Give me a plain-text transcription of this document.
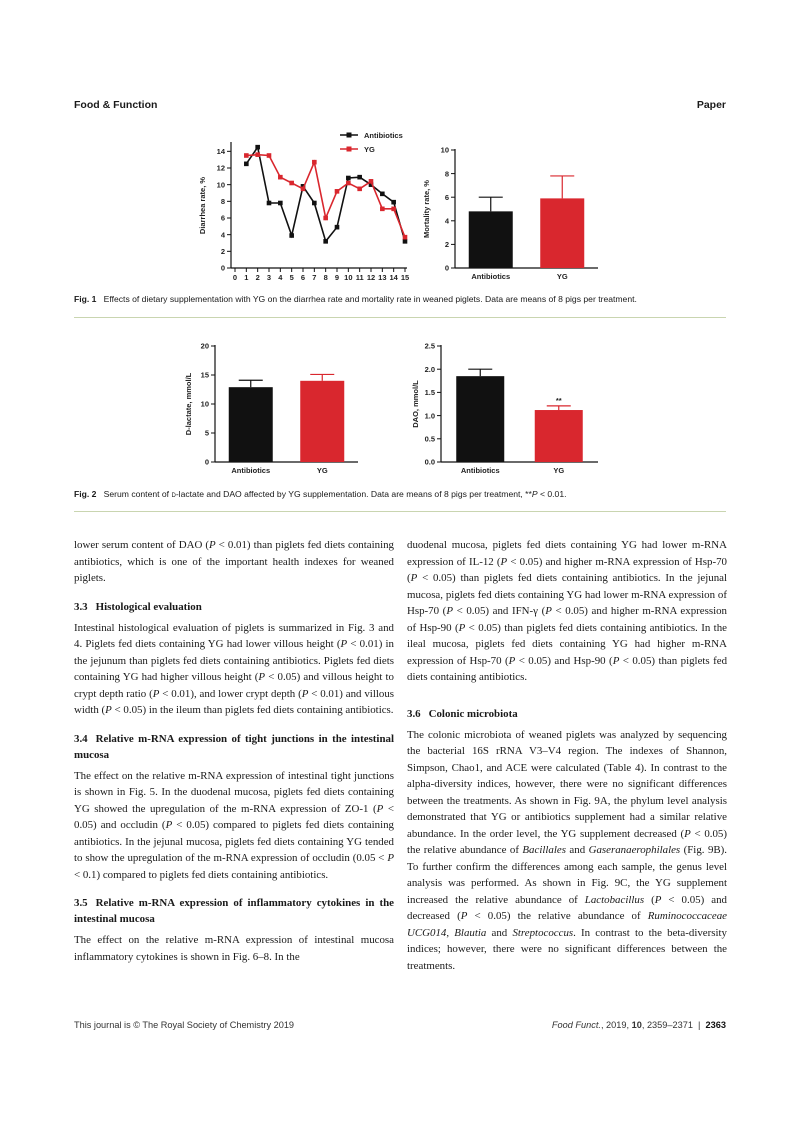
Food & Function	Paper
0
2
4
6
8
10
12
14
Diarrhea rate, %
0 1 2 3 4 5 6 7 8 9 10 11 12 13 14 15
Antibiotics
YG
0
2
4
6
8
10
Mortality rate, %
Antibiotics	YG
Fig. 1 Effects of dietary supplementation with YG on the diarrhea rate and mortality rate in weaned piglets. Data are means of 8 pigs per treatment.
0
5
10
15
20
D-lactate, mmol/L
Antibiotics	YG
0.0
0.5
1.0
1.5
2.0
2.5
DAO, mmol/L
Antibiotics	YG
**
Fig. 2 Serum content of d-lactate and DAO affected by YG supplementation. Data are means of 8 pigs per treatment, **P < 0.01.

lower serum content of DAO (P < 0.01) than piglets fed diets containing antibiotics, which is one of the important health indexes for weaned piglets.

3.3 Histological evaluation

Intestinal histological evaluation of piglets is summarized in Fig. 3 and 4. Piglets fed diets containing YG had lower villous height (P < 0.01) in the jejunum than piglets fed diets containing antibiotics. Piglets fed diets containing YG had higher villous height (P < 0.05) and villous height to crypt depth ratio (P < 0.01), and lower crypt depth (P < 0.01) and villous width (P < 0.05) in the ileum than piglets fed diets containing antibiotics.

3.4 Relative m-RNA expression of tight junctions in the intestinal mucosa

The effect on the relative m-RNA expression of intestinal tight junctions is shown in Fig. 5. In the duodenal mucosa, piglets fed diets containing YG showed the upregulation of the m-RNA expression of ZO-1 (P < 0.05) and occludin (P < 0.05) compared to piglets fed diets containing antibiotics. In the jejunal mucosa, piglets fed diets containing YG tended to show the upregulation of the m-RNA expression of occludin (0.05 < P < 0.1) compared to piglets fed diets containing antibiotics.

3.5 Relative m-RNA expression of inflammatory cytokines in the intestinal mucosa

The effect on the relative m-RNA expression of intestinal mucosa inflammatory cytokines is shown in Fig. 6–8. In the

duodenal mucosa, piglets fed diets containing YG had lower m-RNA expression of IL-12 (P < 0.05) and higher m-RNA expression of Hsp-70 (P < 0.05) than piglets fed diets containing antibiotics. In the jejunal mucosa, piglets fed diets containing YG had lower m-RNA expression of Hsp-70 (P < 0.05) and IFN-γ (P < 0.05) and higher m-RNA expression of Hsp-90 (P < 0.05) than piglets fed diets containing antibiotics. In the ileal mucosa, piglets fed diets containing YG had higher m-RNA expression of Hsp-70 (P < 0.05) and Hsp-90 (P < 0.05) than piglets fed diets containing antibiotics.

3.6 Colonic microbiota

The colonic microbiota of weaned piglets was analyzed by sequencing the bacterial 16S rRNA V3–V4 region. The indexes of Shannon, Simpson, Chao1, and ACE were calculated (Table 4). In contrast to the alpha-diversity indices, however, there were no significant differences between the treatments. As shown in Fig. 9A, the phylum level analysis demonstrated that YG or antibiotics supplement had a similar relative abundance. In the order level, the YG supplement decreased (P < 0.05) the relative abundance of Bacillales and Gaseranaerophilales (Fig. 9B). To further confirm the differences among each sample, the genus level analysis was performed. As shown in Fig. 9C, the YG supplement increased the relative abundance of Lactobacillus (P < 0.05) and decreased (P < 0.05) the relative abundance of Ruminococcaceae UCG014, Blautia and Streptococcus. In contrast to the beta-diversity indices; however, there were no significant differences between the treatments.

This journal is © The Royal Society of Chemistry 2019	Food Funct., 2019, 10, 2359–2371 | 2363
